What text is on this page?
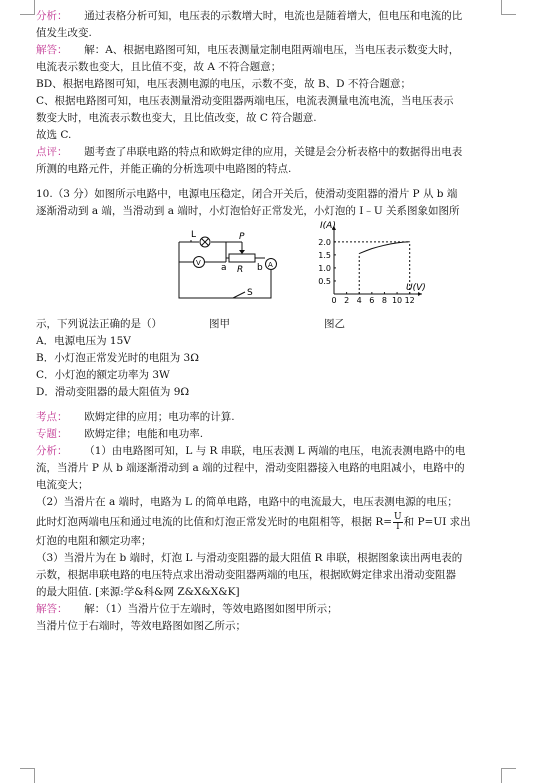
分析： 通过表格分析可知，电压表的示数增大时，电流也是随着增大，但电压和电流的比
值发生改变.
解答： 解：A、根据电路图可知，电压表测量定制电阻两端电压，当电压表示数变大时，
电流表示数也变大，且比值不变，故 A 不符合题意；
BD、根据电路图可知，电压表测电源的电压，示数不变，故 B、D 不符合题意；
C、根据电路图可知，电压表测量滑动变阻器两端电压，电流表测量电流电流，当电压表示
数变大时，电流表示数也变大，且比值改变，故 C 符合题意.
故选 C.
点评： 题考查了串联电路的特点和欧姆定律的应用，关键是会分析表格中的数据得出电表
所测的电路元件，并能正确的分析选项中电路图的特点.
10.（3 分）如图所示电路中，电源电压稳定，闭合开关后，使滑动变阻器的滑片 P 从 b 端
逐渐滑动到 a 端，当滑动到 a 端时，小灯泡恰好正常发光，小灯泡的 I﹣U 关系图象如图所
L	P
a R b A
V
S
0 2 4 6 8 10 12
0.5
1.0
1.5
2.0
I(A)
U(V)
示，下列说法正确的是（）	图甲	图乙
A．电源电压为 15V
B．小灯泡正常发光时的电阻为 3Ω
C．小灯泡的额定功率为 3W
D．滑动变阻器的最大阻值为 9Ω
考点： 欧姆定律的应用；电功率的计算.
专题： 欧姆定律；电能和电功率.
分析： （1）由电路图可知，L 与 R 串联，电压表测 L 两端的电压，电流表测电路中的电
流，当滑片 P 从 b 端逐渐滑动到 a 端的过程中，滑动变阻器接入电路的电阻减小，电路中的
电流变大；
（2）当滑片在 a 端时，电路为 L 的简单电路，电路中的电流最大，电压表测电源的电压；
此时灯泡两端电压和通过电流的比值和灯泡正常发光时的电阻相等，根据 $R= \frac{U}{I}$ 和 P=UI 求出
灯泡的电阻和额定功率；
（3）当滑片为在 b 端时，灯泡 L 与滑动变阻器的最大阻值 R 串联，根据图象读出两电表的
示数，根据串联电路的电压特点求出滑动变阻器两端的电压，根据欧姆定律求出滑动变阻器
的最大阻值. [来源:学&科&网 Z&X&X&K]
解答： 解：（1）当滑片位于左端时，等效电路图如图甲所示；
当滑片位于右端时，等效电路图如图乙所示；
